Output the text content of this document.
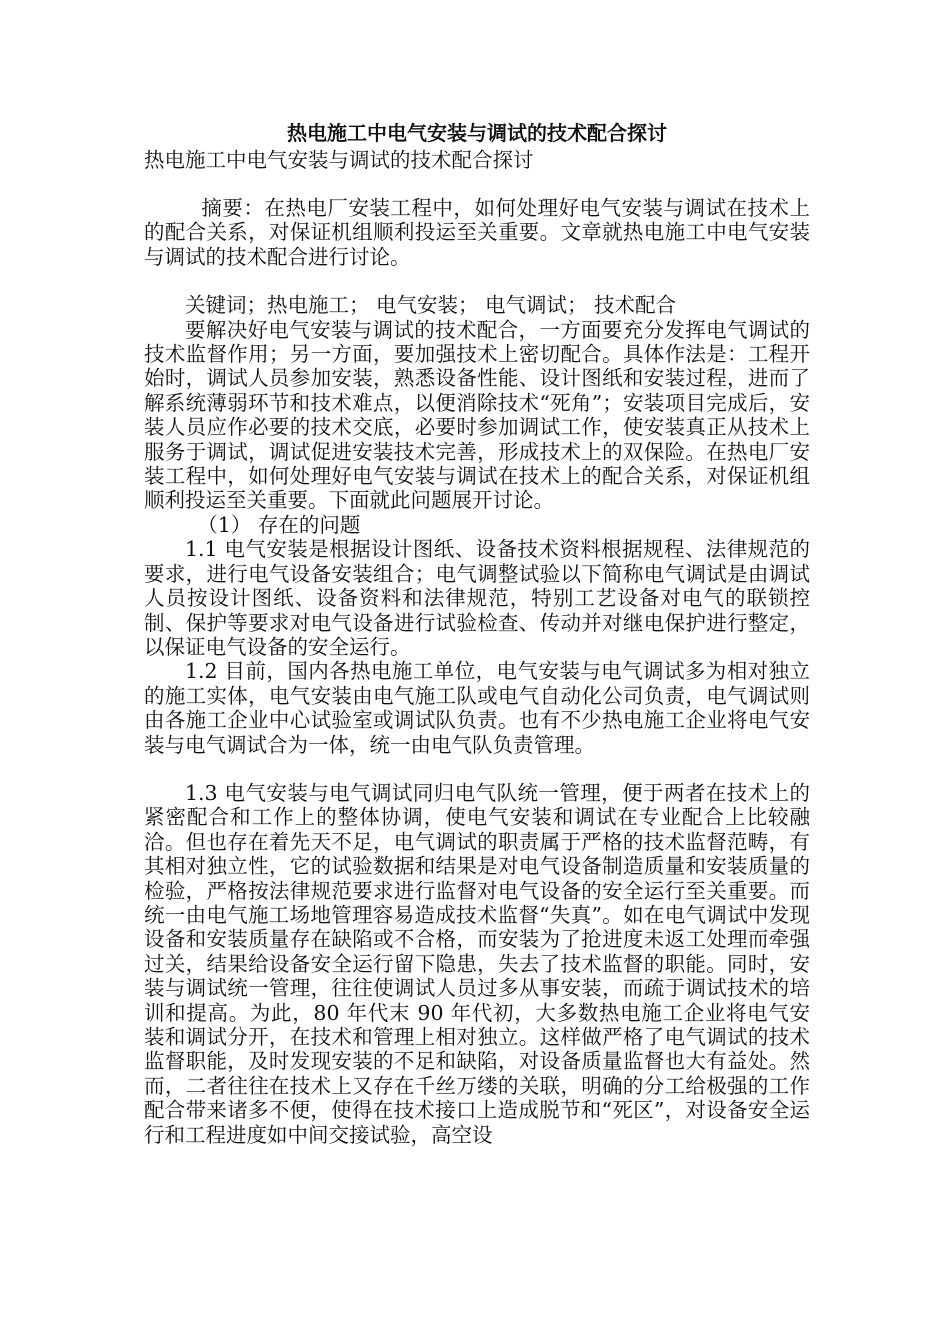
热电施工中电气安装与调试的技术配合探讨
热电施工中电气安装与调试的技术配合探讨

摘要：在热电厂安装工程中，如何处理好电气安装与调试在技术上的配合关系，对保证机组顺利投运至关重要。文章就热电施工中电气安装与调试的技术配合进行讨论。

关键词；热电施工； 电气安装； 电气调试； 技术配合

要解决好电气安装与调试的技术配合，一方面要充分发挥电气调试的技术监督作用；另一方面，要加强技术上密切配合。具体作法是：工程开始时，调试人员参加安装，熟悉设备性能、设计图纸和安装过程，进而了解系统薄弱环节和技术难点，以便消除技术“死角”；安装项目完成后，安装人员应作必要的技术交底，必要时参加调试工作，使安装真正从技术上服务于调试，调试促进安装技术完善，形成技术上的双保险。在热电厂安装工程中，如何处理好电气安装与调试在技术上的配合关系，对保证机组顺利投运至关重要。下面就此问题展开讨论。

（1） 存在的问题

1.1 电气安装是根据设计图纸、设备技术资料根据规程、法律规范的要求，进行电气设备安装组合；电气调整试验以下简称电气调试是由调试人员按设计图纸、设备资料和法律规范，特别工艺设备对电气的联锁控制、保护等要求对电气设备进行试验检查、传动并对继电保护进行整定，以保证电气设备的安全运行。

1.2 目前，国内各热电施工单位，电气安装与电气调试多为相对独立的施工实体，电气安装由电气施工队或电气自动化公司负责，电气调试则由各施工企业中心试验室或调试队负责。也有不少热电施工企业将电气安装与电气调试合为一体，统一由电气队负责管理。

1.3 电气安装与电气调试同归电气队统一管理，便于两者在技术上的紧密配合和工作上的整体协调，使电气安装和调试在专业配合上比较融洽。但也存在着先天不足，电气调试的职责属于严格的技术监督范畴，有其相对独立性，它的试验数据和结果是对电气设备制造质量和安装质量的检验，严格按法律规范要求进行监督对电气设备的安全运行至关重要。而统一由电气施工场地管理容易造成技术监督“失真”。如在电气调试中发现设备和安装质量存在缺陷或不合格，而安装为了抢进度未返工处理而牵强过关，结果给设备安全运行留下隐患，失去了技术监督的职能。同时，安装与调试统一管理，往往使调试人员过多从事安装，而疏于调试技术的培训和提高。为此，80 年代末 90 年代初，大多数热电施工企业将电气安装和调试分开，在技术和管理上相对独立。这样做严格了电气调试的技术监督职能，及时发现安装的不足和缺陷，对设备质量监督也大有益处。然而，二者往往在技术上又存在千丝万缕的关联，明确的分工给极强的工作配合带来诸多不便，使得在技术接口上造成脱节和“死区”，对设备安全运行和工程进度如中间交接试验，高空设
